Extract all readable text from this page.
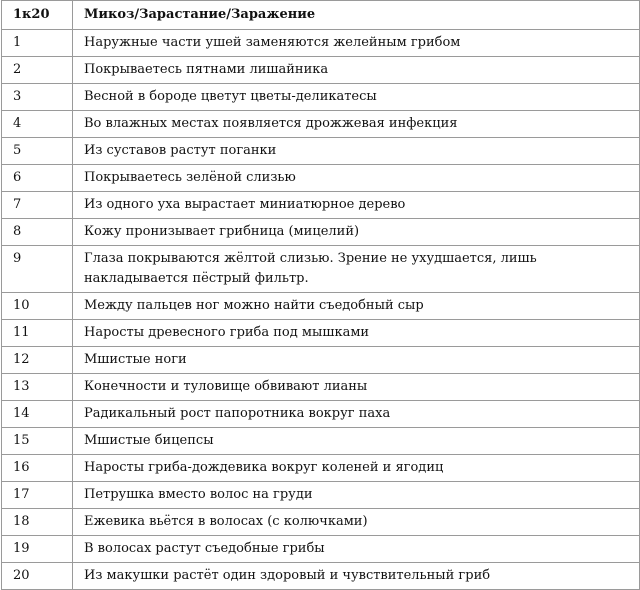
1к20	Микоз/Зарастание/Заражение
1	Наружные части ушей заменяются желейным грибом
2	Покрываетесь пятнами лишайника
3	Весной в бороде цветут цветы-деликатесы
4	Во влажных местах появляется дрожжевая инфекция
5	Из суставов растут поганки
6	Покрываетесь зелёной слизью
7	Из одного уха вырастает миниатюрное дерево
8	Кожу пронизывает грибница (мицелий)
9	Глаза покрываются жёлтой слизью. Зрение не ухудшается, лишь накладывается пёстрый фильтр.
10	Между пальцев ног можно найти съедобный сыр
11	Наросты древесного гриба под мышками
12	Мшистые ноги
13	Конечности и туловище обвивают лианы
14	Радикальный рост папоротника вокруг паха
15	Мшистые бицепсы
16	Наросты гриба-дождевика вокруг коленей и ягодиц
17	Петрушка вместо волос на груди
18	Ежевика вьётся в волосах (с колючками)
19	В волосах растут съедобные грибы
20	Из макушки растёт один здоровый и чувствительный гриб
